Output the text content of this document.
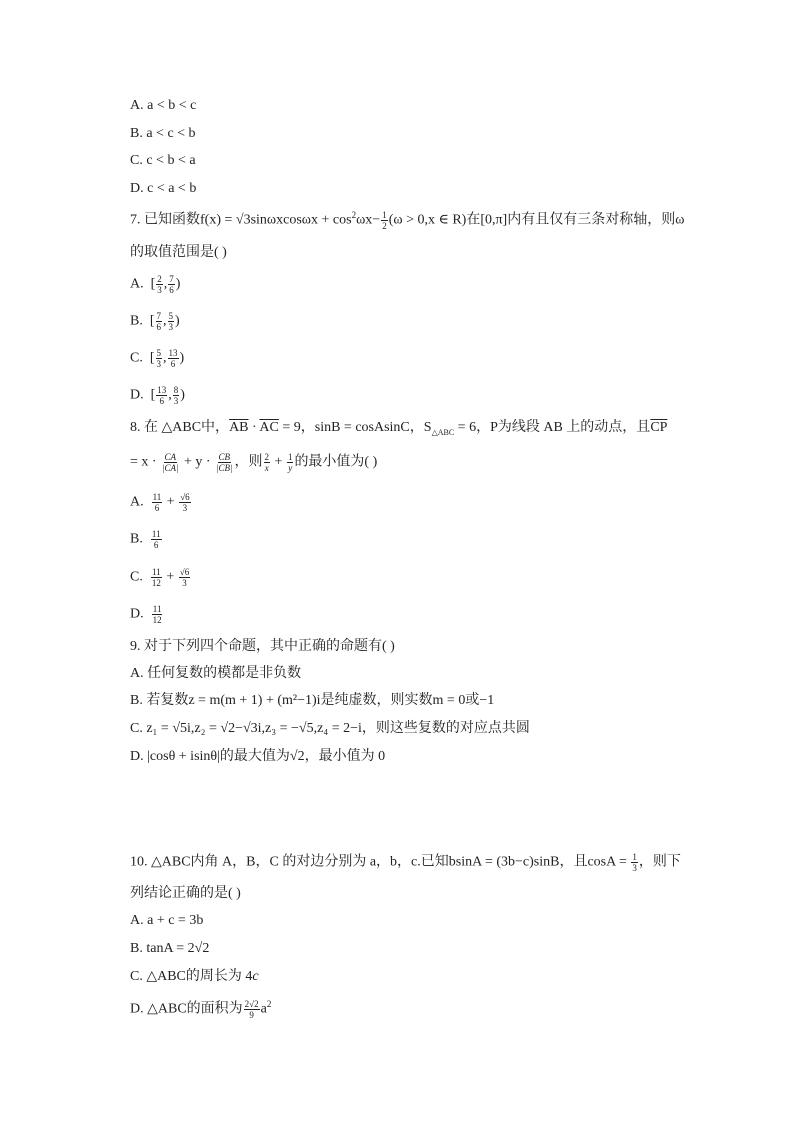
A. a < b < c
B. a < c < b
C. c < b < a
D. c < a < b
7. 已知函数$f(x) = √3\sin\omega xcos\omega x + \cos^2\omega x- \frac{1}{2} (\omega > 0,x$ ∈ R)在[0,π]内有且仅有三条对称轴，则ω
的取值范围是( )
A. [ $\frac{2}{3}$ , $\frac{7}{6}$ )
B. [ $\frac{7}{6}$ , $\frac{5}{3}$ )
C. [ $\frac{5}{3}$ , $\frac{13}{6}$ )
D. [ $\frac{13}{6}$ , $\frac{8}{3}$ )
8. 在 △ABC中，$\overline{AB} \cdot \overline{AC} = 9$，sinB = cosAsinC，$S_{\triangle ABC} = 6$，P为线段 AB 上的动点，且$\overline{CP}$
= $x \cdot \frac{CA}{|CA|} + y \cdot \frac{CB}{|CB|}$ ，则 $\frac{2}{x} + \frac{1}{y}$ 的最小值为( )
A. $\frac{11}{6} + \frac{√6}{3}$
B. $\frac{11}{6}$
C. $\frac{11}{12} + \frac{√6}{3}$
D. $\frac{11}{12}$
9. 对于下列四个命题，其中正确的命题有( )
A. 任何复数的模都是非负数
B. 若复数z = m(m + 1) + (m²−1)i是纯虚数，则实数m = 0或−1
C. z₁ = √5i,z₂ = √2−√3i,z₃ = −√5,z₄ = 2−i，则这些复数的对应点共圆
D. |cosθ + isinθ|的最大值为√2，最小值为 0
10. △ABC内角 A，B，C 的对边分别为 a，b，c.已知bsinA = (3b−c)sinB，且$\cos A = \frac{1}{3}$ ，则下
列结论正确的是( )
A. a + c = 3b
B. tanA = 2√2
C. △ABC的周长为 4c
D. △ABC的面积为 $\frac{2√2}{9} a^2$
